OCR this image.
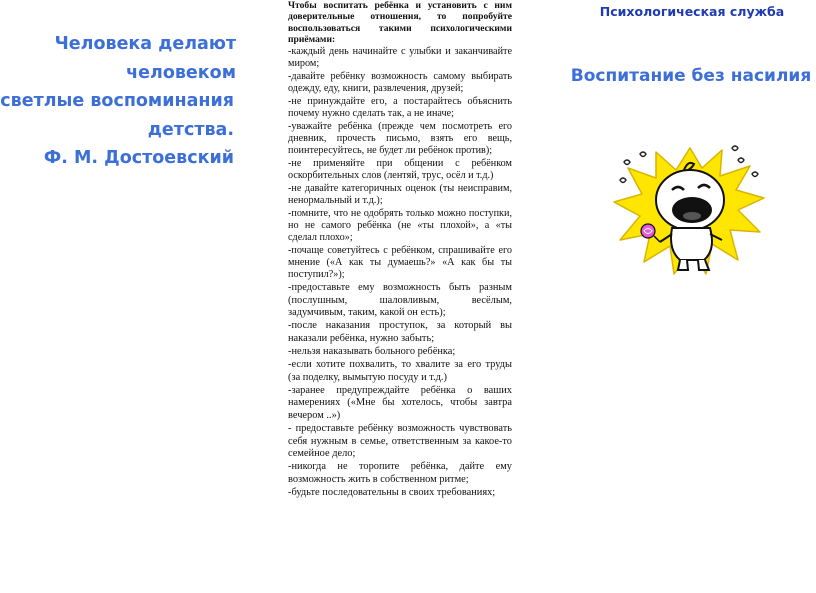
Человека делают
человеком
светлые воспоминания
детства.
Ф. М. Достоевский
Чтобы воспитать ребёнка и установить с ним доверительные отношения, то попробуйте воспользоваться такими психологическими приёмами:

-каждый день начинайте с улыбки и заканчивайте миром;

-давайте ребёнку возможность самому выбирать одежду, еду, книги, развлечения, друзей;

-не принуждайте его, а постарайтесь объяснить почему нужно сделать так, а не иначе;

-уважайте ребёнка (прежде чем посмотреть его дневник, прочесть письмо, взять его вещь, поинтересуйтесь, не будет ли ребёнок против);

-не применяйте при общении с ребёнком оскорбительных слов (лентяй, трус, осёл и т.д.)

-не давайте категоричных оценок (ты неисправим, ненормальный и т.д.);

-помните, что не одобрять только можно поступки, но не самого ребёнка (не «ты плохой», а «ты сделал плохо»;

-почаще советуйтесь с ребёнком, спрашивайте его мнение («А как ты думаешь?» «А как бы ты поступил?»);

-предоставьте ему возможность быть разным (послушным, шаловливым, весёлым, задумчивым, таким, какой он есть);

-после наказания проступок, за который вы наказали ребёнка, нужно забыть;

-нельзя наказывать больного ребёнка;

-если хотите похвалить, то хвалите за его труды (за поделку, вымытую посуду и т.д.)

-заранее предупреждайте ребёнка о ваших намерениях («Мне бы хотелось, чтобы завтра вечером ..»)

- предоставьте ребёнку возможность чувствовать себя нужным в семье, ответственным за какое-то семейное дело;

-никогда не торопите ребёнка, дайте ему возможность жить в собственном ритме;

-будьте последовательны в своих требованиях;

Психологическая служба
Воспитание без насилия
